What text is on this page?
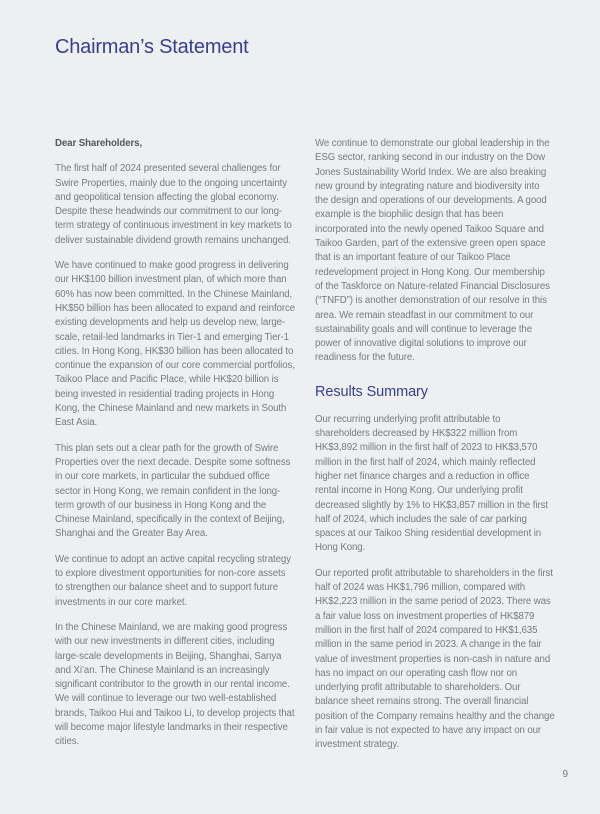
Chairman’s Statement

Dear Shareholders,

The first half of 2024 presented several challenges for Swire Properties, mainly due to the ongoing uncertainty and geopolitical tension affecting the global economy. Despite these headwinds our commitment to our long-term strategy of continuous investment in key markets to deliver sustainable dividend growth remains unchanged.

We have continued to make good progress in delivering our HK$100 billion investment plan, of which more than 60% has now been committed. In the Chinese Mainland, HK$50 billion has been allocated to expand and reinforce existing developments and help us develop new, large-scale, retail-led landmarks in Tier-1 and emerging Tier-1 cities. In Hong Kong, HK$30 billion has been allocated to continue the expansion of our core commercial portfolios, Taikoo Place and Pacific Place, while HK$20 billion is being invested in residential trading projects in Hong Kong, the Chinese Mainland and new markets in South East Asia.

This plan sets out a clear path for the growth of Swire Properties over the next decade. Despite some softness in our core markets, in particular the subdued office sector in Hong Kong, we remain confident in the long-term growth of our business in Hong Kong and the Chinese Mainland, specifically in the context of Beijing, Shanghai and the Greater Bay Area.

We continue to adopt an active capital recycling strategy to explore divestment opportunities for non-core assets to strengthen our balance sheet and to support future investments in our core market.

In the Chinese Mainland, we are making good progress with our new investments in different cities, including large-scale developments in Beijing, Shanghai, Sanya and Xi’an. The Chinese Mainland is an increasingly significant contributor to the growth in our rental income. We will continue to leverage our two well-established brands, Taikoo Hui and Taikoo Li, to develop projects that will become major lifestyle landmarks in their respective cities.

We continue to demonstrate our global leadership in the ESG sector, ranking second in our industry on the Dow Jones Sustainability World Index. We are also breaking new ground by integrating nature and biodiversity into the design and operations of our developments. A good example is the biophilic design that has been incorporated into the newly opened Taikoo Square and Taikoo Garden, part of the extensive green open space that is an important feature of our Taikoo Place redevelopment project in Hong Kong. Our membership of the Taskforce on Nature-related Financial Disclosures (“TNFD”) is another demonstration of our resolve in this area. We remain steadfast in our commitment to our sustainability goals and will continue to leverage the power of innovative digital solutions to improve our readiness for the future.

Results Summary

Our recurring underlying profit attributable to shareholders decreased by HK$322 million from HK$3,892 million in the first half of 2023 to HK$3,570 million in the first half of 2024, which mainly reflected higher net finance charges and a reduction in office rental income in Hong Kong. Our underlying profit decreased slightly by 1% to HK$3,857 million in the first half of 2024, which includes the sale of car parking spaces at our Taikoo Shing residential development in Hong Kong.

Our reported profit attributable to shareholders in the first half of 2024 was HK$1,796 million, compared with HK$2,223 million in the same period of 2023. There was a fair value loss on investment properties of HK$879 million in the first half of 2024 compared to HK$1,635 million in the same period in 2023. A change in the fair value of investment properties is non-cash in nature and has no impact on our operating cash flow nor on underlying profit attributable to shareholders. Our balance sheet remains strong. The overall financial position of the Company remains healthy and the change in fair value is not expected to have any impact on our investment strategy.

9
